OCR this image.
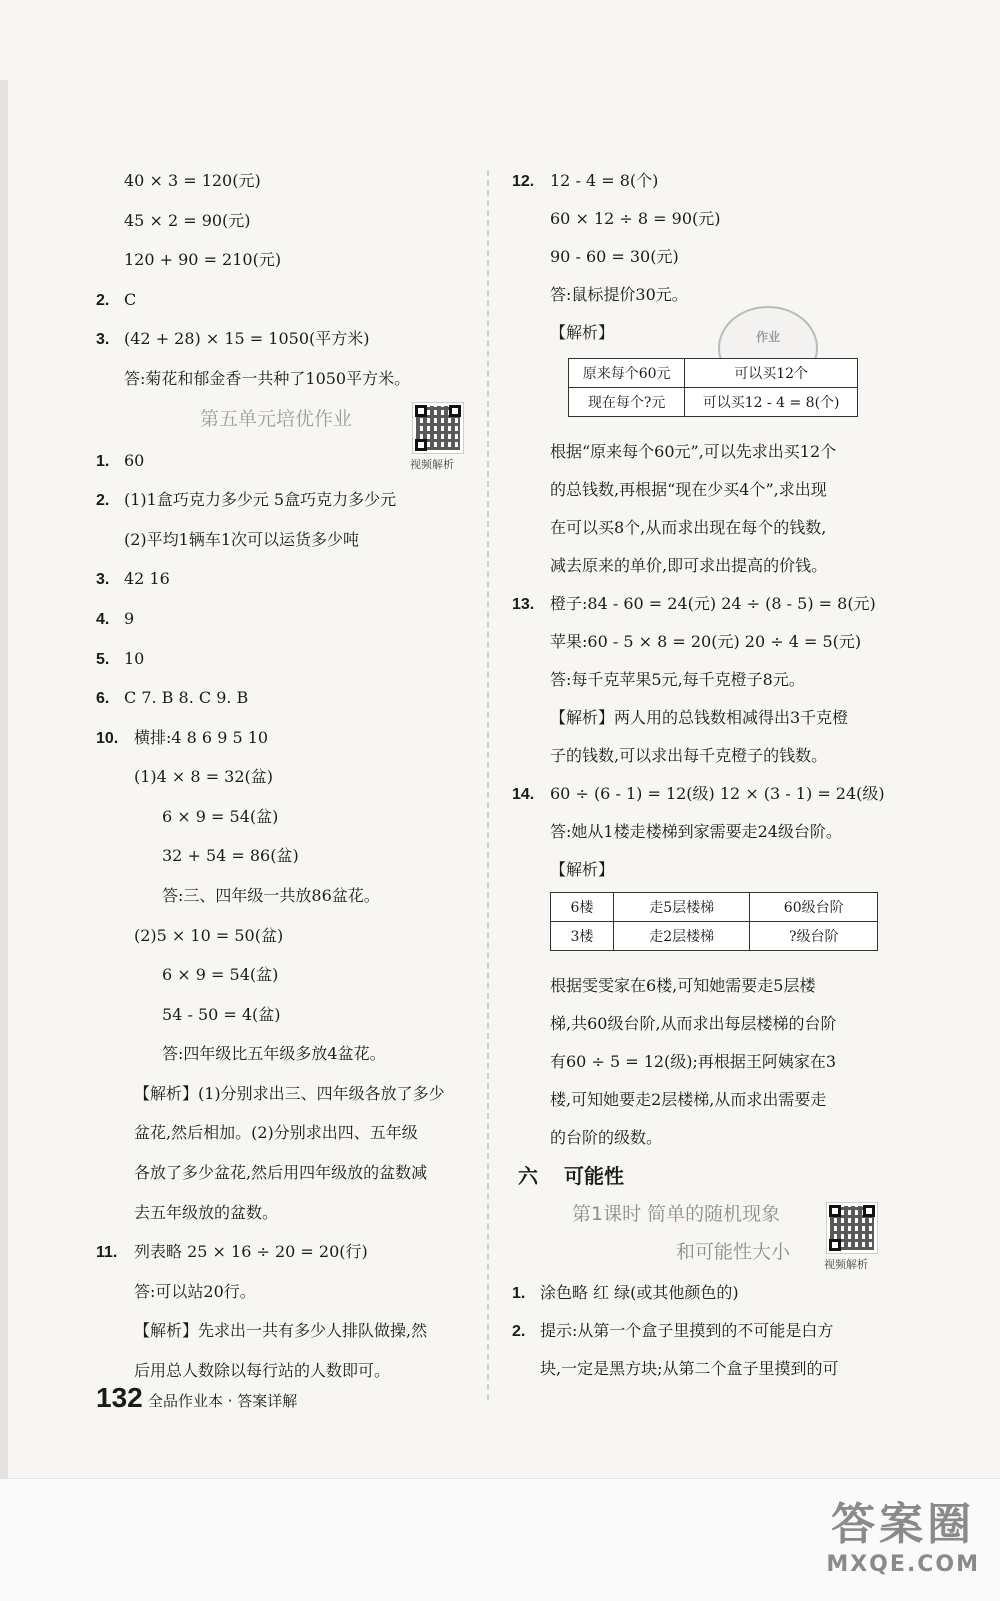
40 × 3 = 120(元)
45 × 2 = 90(元)
120 + 90 = 210(元)
2. C
3. (42 + 28) × 15 = 1050(平方米)
答:菊花和郁金香一共种了1050平方米。
第五单元培优作业
视频解析
1. 60
2. (1)1盒巧克力多少元 5盒巧克力多少元
(2)平均1辆车1次可以运货多少吨
3. 42 16
4. 9
5. 10
6. C 7. B 8. C 9. B
10. 横排:4 8 6 9 5 10
(1)4 × 8 = 32(盆)
6 × 9 = 54(盆)
32 + 54 = 86(盆)
答:三、四年级一共放86盆花。
(2)5 × 10 = 50(盆)
6 × 9 = 54(盆)
54 - 50 = 4(盆)
答:四年级比五年级多放4盆花。
【解析】(1)分别求出三、四年级各放了多少
盆花,然后相加。(2)分别求出四、五年级
各放了多少盆花,然后用四年级放的盆数减
去五年级放的盆数。
11. 列表略 25 × 16 ÷ 20 = 20(行)
答:可以站20行。
【解析】先求出一共有多少人排队做操,然
后用总人数除以每行站的人数即可。
12. 12 - 4 = 8(个)
60 × 12 ÷ 8 = 90(元)
90 - 60 = 30(元)
答:鼠标提价30元。
【解析】	作业
原来每个60元	可以买12个
现在每个?元	可以买12 - 4 = 8(个)
根据“原来每个60元”,可以先求出买12个
的总钱数,再根据“现在少买4个”,求出现
在可以买8个,从而求出现在每个的钱数,
减去原来的单价,即可求出提高的价钱。
13. 橙子:84 - 60 = 24(元) 24 ÷ (8 - 5) = 8(元)
苹果:60 - 5 × 8 = 20(元) 20 ÷ 4 = 5(元)
答:每千克苹果5元,每千克橙子8元。
【解析】两人用的总钱数相减得出3千克橙
子的钱数,可以求出每千克橙子的钱数。
14. 60 ÷ (6 - 1) = 12(级) 12 × (3 - 1) = 24(级)
答:她从1楼走楼梯到家需要走24级台阶。
【解析】
6楼	走5层楼梯	60级台阶
3楼	走2层楼梯	?级台阶
根据雯雯家在6楼,可知她需要走5层楼
梯,共60级台阶,从而求出每层楼梯的台阶
有60 ÷ 5 = 12(级);再根据王阿姨家在3
楼,可知她要走2层楼梯,从而求出需要走
的台阶的级数。
六 可能性
第1课时 简单的随机现象
和可能性大小
视频解析
1. 涂色略 红 绿(或其他颜色的)
2. 提示:从第一个盒子里摸到的不可能是白方
块,一定是黑方块;从第二个盒子里摸到的可
132 全品作业本 · 答案详解
答案圈
MXQE.COM
